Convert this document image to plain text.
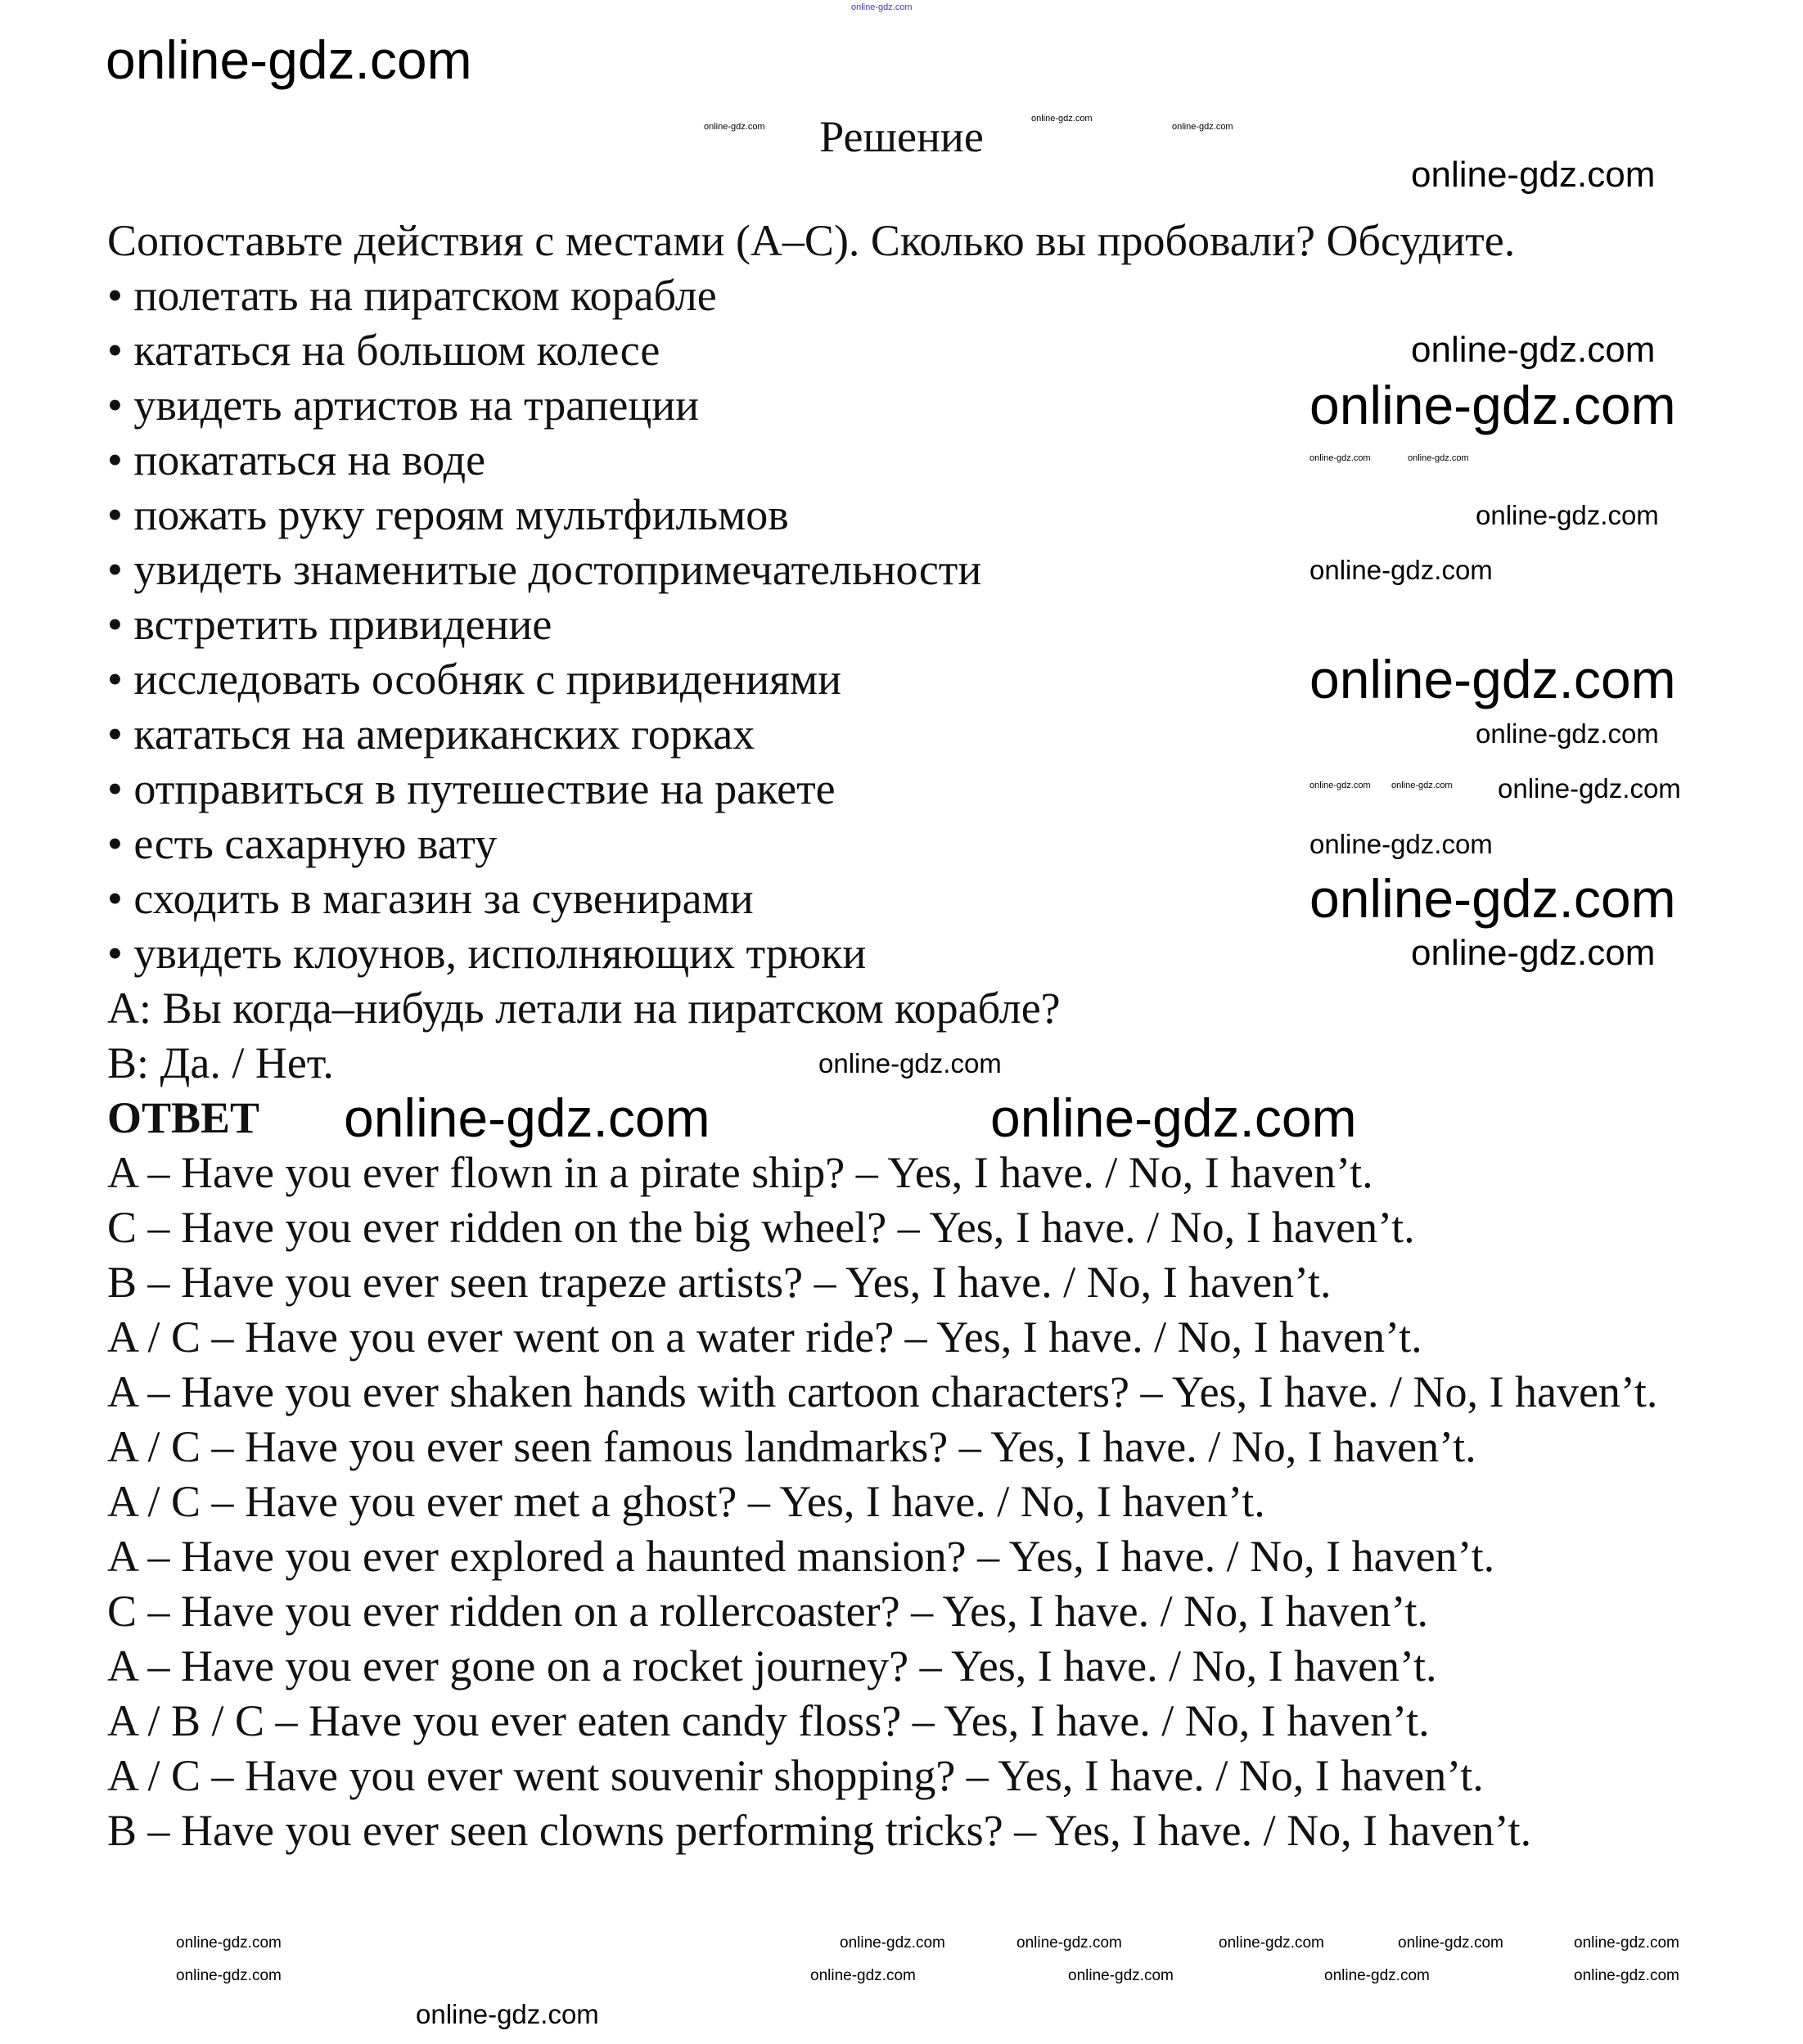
Решение
Сопоставьте действия с местами (А–С). Сколько вы пробовали? Обсудите.
• полетать на пиратском корабле
• кататься на большом колесе
• увидеть артистов на трапеции
• покататься на воде
• пожать руку героям мультфильмов
• увидеть знаменитые достопримечательности
• встретить привидение
• исследовать особняк с привидениями
• кататься на американских горках
• отправиться в путешествие на ракете
• есть сахарную вату
• сходить в магазин за сувенирами
• увидеть клоунов, исполняющих трюки
А: Вы когда–нибудь летали на пиратском корабле?
В: Да. / Нет.
ОТВЕТ
A – Have you ever flown in a pirate ship? – Yes, I have. / No, I haven’t.
C – Have you ever ridden on the big wheel? – Yes, I have. / No, I haven’t.
B – Have you ever seen trapeze artists? – Yes, I have. / No, I haven’t.
A / C – Have you ever went on a water ride? – Yes, I have. / No, I haven’t.
A – Have you ever shaken hands with cartoon characters? – Yes, I have. / No, I haven’t.
A / C – Have you ever seen famous landmarks? – Yes, I have. / No, I haven’t.
A / C – Have you ever met a ghost? – Yes, I have. / No, I haven’t.
A – Have you ever explored a haunted mansion? – Yes, I have. / No, I haven’t.
C – Have you ever ridden on a rollercoaster? – Yes, I have. / No, I haven’t.
A – Have you ever gone on a rocket journey? – Yes, I have. / No, I haven’t.
A / B / C – Have you ever eaten candy floss? – Yes, I have. / No, I haven’t.
A / C – Have you ever went souvenir shopping? – Yes, I have. / No, I haven’t.
B – Have you ever seen clowns performing tricks? – Yes, I have. / No, I haven’t.
online-gdz.com
online-gdz.com
online-gdz.com
online-gdz.com
online-gdz.com
online-gdz.com
online-gdz.com
online-gdz.com
online-gdz.com	online-gdz.com
online-gdz.com
online-gdz.com
online-gdz.com
online-gdz.com
online-gdz.com online-gdz.com online-gdz.com
online-gdz.com
online-gdz.com
online-gdz.com
online-gdz.com
online-gdz.com	online-gdz.com
online-gdz.com	online-gdz.com	online-gdz.com	online-gdz.com	online-gdz.com	online-gdz.com
online-gdz.com	online-gdz.com	online-gdz.com	online-gdz.com	online-gdz.com
online-gdz.com
